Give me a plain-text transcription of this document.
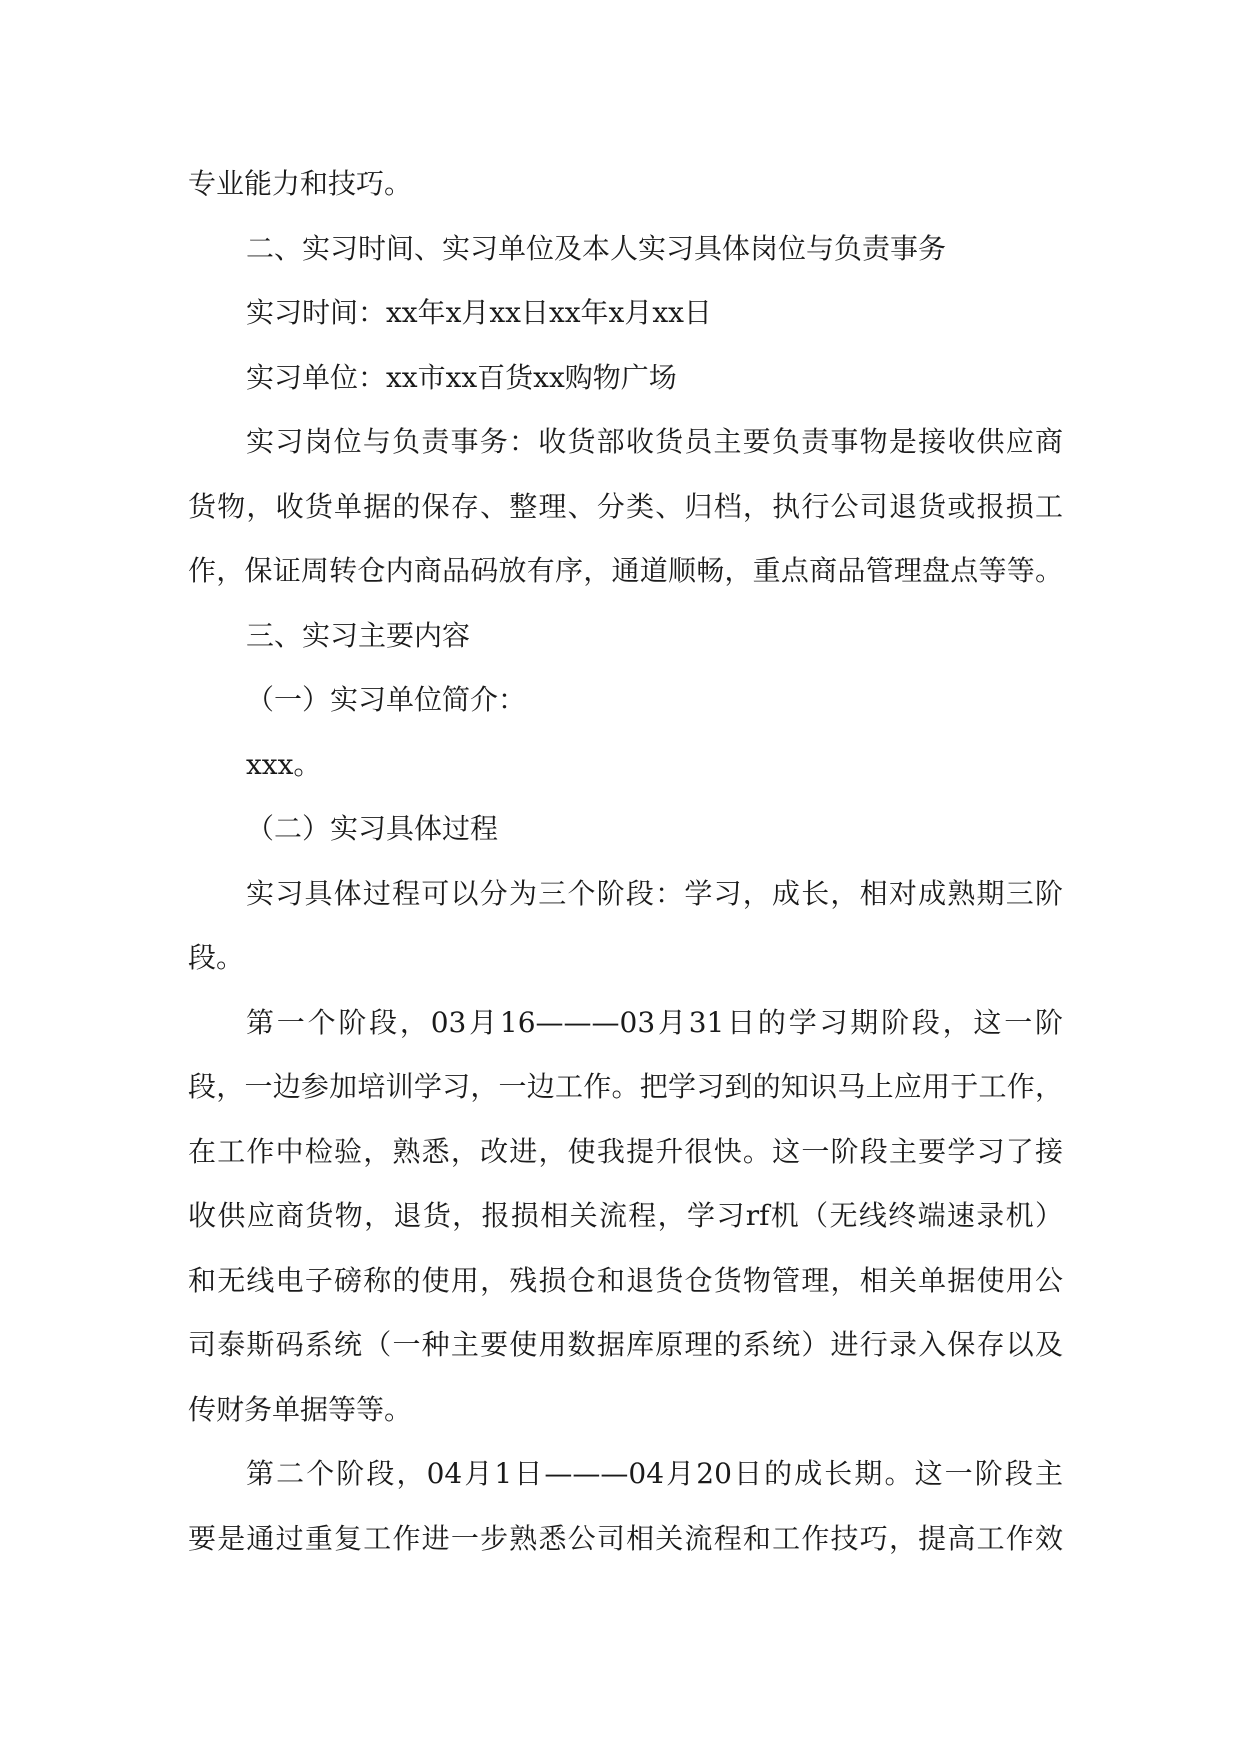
专业能力和技巧。
二、实习时间、实习单位及本人实习具体岗位与负责事务
实习时间：xx年x月xx日xx年x月xx日
实习单位：xx市xx百货xx购物广场
实习岗位与负责事务：收货部收货员主要负责事物是接收供应商
货物，收货单据的保存、整理、分类、归档，执行公司退货或报损工
作，保证周转仓内商品码放有序，通道顺畅，重点商品管理盘点等等。
三、实习主要内容
（一）实习单位简介：
xxx。
（二）实习具体过程
实习具体过程可以分为三个阶段：学习，成长，相对成熟期三阶
段。
第一个阶段，03月16———03月31日的学习期阶段，这一阶
段，一边参加培训学习，一边工作。把学习到的知识马上应用于工作，
在工作中检验，熟悉，改进，使我提升很快。这一阶段主要学习了接
收供应商货物，退货，报损相关流程，学习rf机（无线终端速录机）
和无线电子磅称的使用，残损仓和退货仓货物管理，相关单据使用公
司泰斯码系统（一种主要使用数据库原理的系统）进行录入保存以及
传财务单据等等。
第二个阶段，04月1日———04月20日的成长期。这一阶段主
要是通过重复工作进一步熟悉公司相关流程和工作技巧，提高工作效
